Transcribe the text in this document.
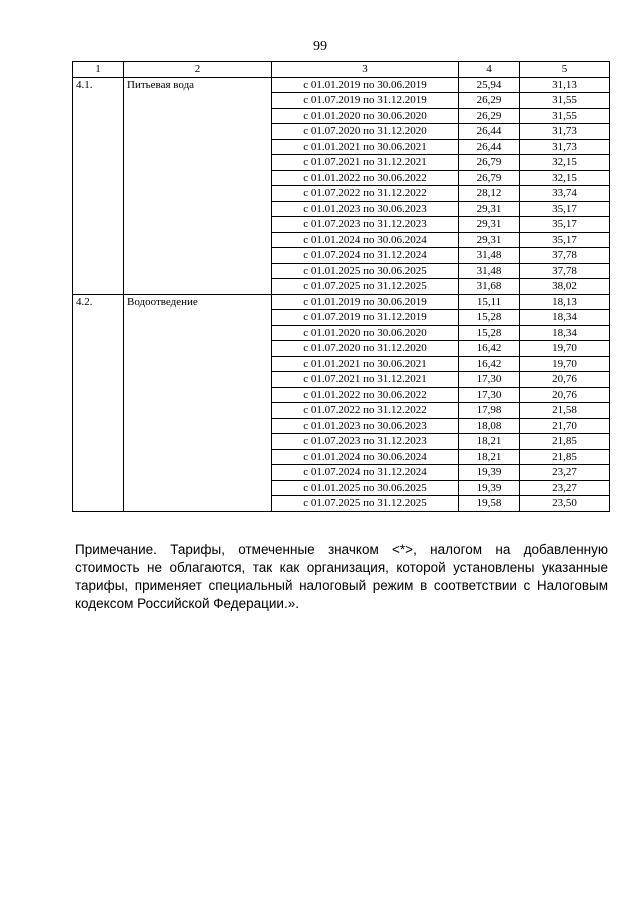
99
1	2	3	4	5
4.1.	Питьевая вода	с 01.01.2019 по 30.06.2019	25,94	31,13
		с 01.07.2019 по 31.12.2019	26,29	31,55
		с 01.01.2020 по 30.06.2020	26,29	31,55
		с 01.07.2020 по 31.12.2020	26,44	31,73
		с 01.01.2021 по 30.06.2021	26,44	31,73
		с 01.07.2021 по 31.12.2021	26,79	32,15
		с 01.01.2022 по 30.06.2022	26,79	32,15
		с 01.07.2022 по 31.12.2022	28,12	33,74
		с 01.01.2023 по 30.06.2023	29,31	35,17
		с 01.07.2023 по 31.12.2023	29,31	35,17
		с 01.01.2024 по 30.06.2024	29,31	35,17
		с 01.07.2024 по 31.12.2024	31,48	37,78
		с 01.01.2025 по 30.06.2025	31,48	37,78
		с 01.07.2025 по 31.12.2025	31,68	38,02
4.2.	Водоотведение	с 01.01.2019 по 30.06.2019	15,11	18,13
		с 01.07.2019 по 31.12.2019	15,28	18,34
		с 01.01.2020 по 30.06.2020	15,28	18,34
		с 01.07.2020 по 31.12.2020	16,42	19,70
		с 01.01.2021 по 30.06.2021	16,42	19,70
		с 01.07.2021 по 31.12.2021	17,30	20,76
		с 01.01.2022 по 30.06.2022	17,30	20,76
		с 01.07.2022 по 31.12.2022	17,98	21,58
		с 01.01.2023 по 30.06.2023	18,08	21,70
		с 01.07.2023 по 31.12.2023	18,21	21,85
		с 01.01.2024 по 30.06.2024	18,21	21,85
		с 01.07.2024 по 31.12.2024	19,39	23,27
		с 01.01.2025 по 30.06.2025	19,39	23,27
		с 01.07.2025 по 31.12.2025	19,58	23,50

Примечание. Тарифы, отмеченные значком <*>, налогом на добавленную стоимость не облагаются, так как организация, которой установлены указанные тарифы, применяет специальный налоговый режим в соответствии с Налоговым кодексом Российской Федерации.».
